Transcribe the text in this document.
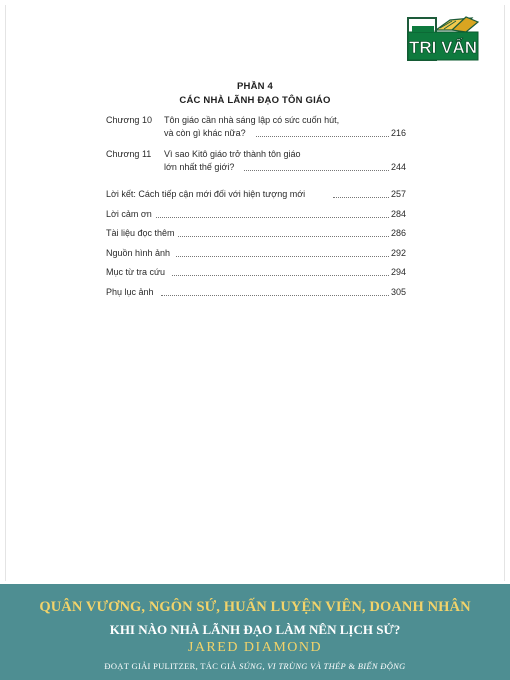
TRI VẤN
PHẦN 4
CÁC NHÀ LÃNH ĐẠO TÔN GIÁO
Chương 10 Tôn giáo cần nhà sáng lập có sức cuốn hút,
và còn gì khác nữa?	216
Chương 11 Vì sao Kitô giáo trở thành tôn giáo
lớn nhất thế giới?	244
Lời kết: Cách tiếp cận mới đối với hiện tượng mới	257
Lời cảm ơn	284
Tài liệu đọc thêm	286
Nguồn hình ảnh	292
Mục từ tra cứu	294
Phụ lục ảnh	305
QUÂN VƯƠNG, NGÔN SỨ, HUẤN LUYỆN VIÊN, DOANH NHÂN
KHI NÀO NHÀ LÃNH ĐẠO LÀM NÊN LỊCH SỬ?
JARED DIAMOND
ĐOẠT GIẢI PULITZER, TÁC GIẢ SÚNG, VI TRÙNG VÀ THÉP & BIẾN ĐỘNG
